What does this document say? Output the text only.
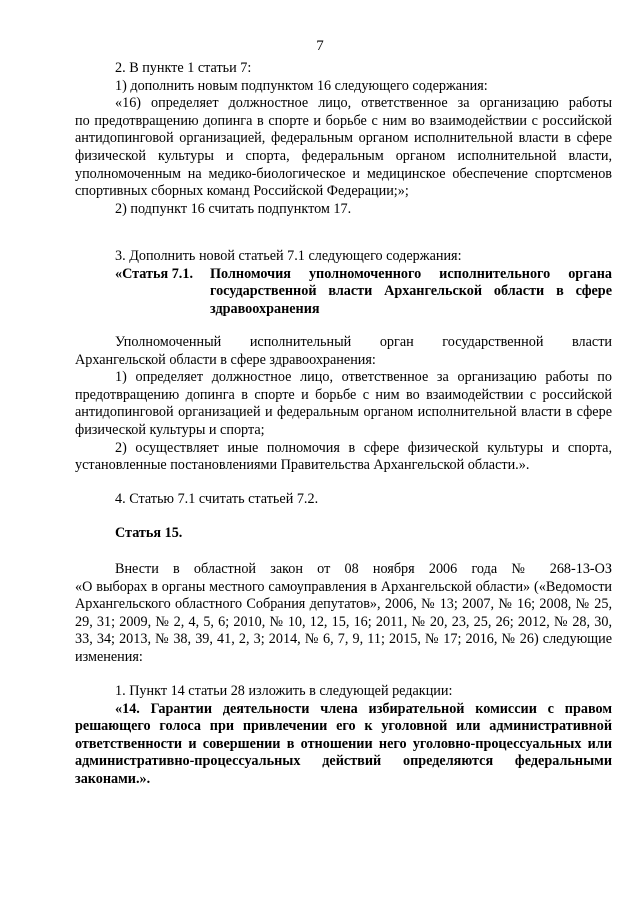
7

2. В пункте 1 статьи 7:

1) дополнить новым подпунктом 16 следующего содержания:

«16) определяет должностное лицо, ответственное за организацию работы

по предотвращению допинга в спорте и борьбе с ним во взаимодействии с российской антидопинговой организацией, федеральным органом исполнительной власти в сфере физической культуры и спорта, федеральным органом исполнительной власти, уполномоченным на медико-биологическое и медицинское обеспечение спортсменов спортивных сборных команд Российской Федерации;»;

2) подпункт 16 считать подпунктом 17.

3. Дополнить новой статьей 7.1 следующего содержания:

«Статья 7.1.	Полномочия уполномоченного исполнительного органа государственной власти Архангельской области в сфере здравоохранения

Уполномоченный исполнительный орган государственной власти

Архангельской области в сфере здравоохранения:

1) определяет должностное лицо, ответственное за организацию работы по

предотвращению допинга в спорте и борьбе с ним во взаимодействии с российской антидопинговой организацией и федеральным органом исполнительной власти в сфере физической культуры и спорта;

2) осуществляет иные полномочия в сфере физической культуры и спорта,

установленные постановлениями Правительства Архангельской области.».

4. Статью 7.1 считать статьей 7.2.

Статья 15.

Внести в областной закон от 08 ноября 2006 года № 268-13-ОЗ

«О выборах в органы местного самоуправления в Архангельской области» («Ведомости Архангельского областного Собрания депутатов», 2006, № 13; 2007, № 16; 2008, № 25, 29, 31; 2009, № 2, 4, 5, 6; 2010, № 10, 12, 15, 16; 2011, № 20, 23, 25, 26; 2012, № 28, 30, 33, 34; 2013, № 38, 39, 41, 2, 3; 2014, № 6, 7, 9, 11; 2015, № 17; 2016, № 26) следующие изменения:

1. Пункт 14 статьи 28 изложить в следующей редакции:

«14. Гарантии деятельности члена избирательной комиссии с правом решающего голоса при привлечении его к уголовной или административной ответственности и совершении в отношении него уголовно-процессуальных или административно-процессуальных действий определяются федеральными законами.».
